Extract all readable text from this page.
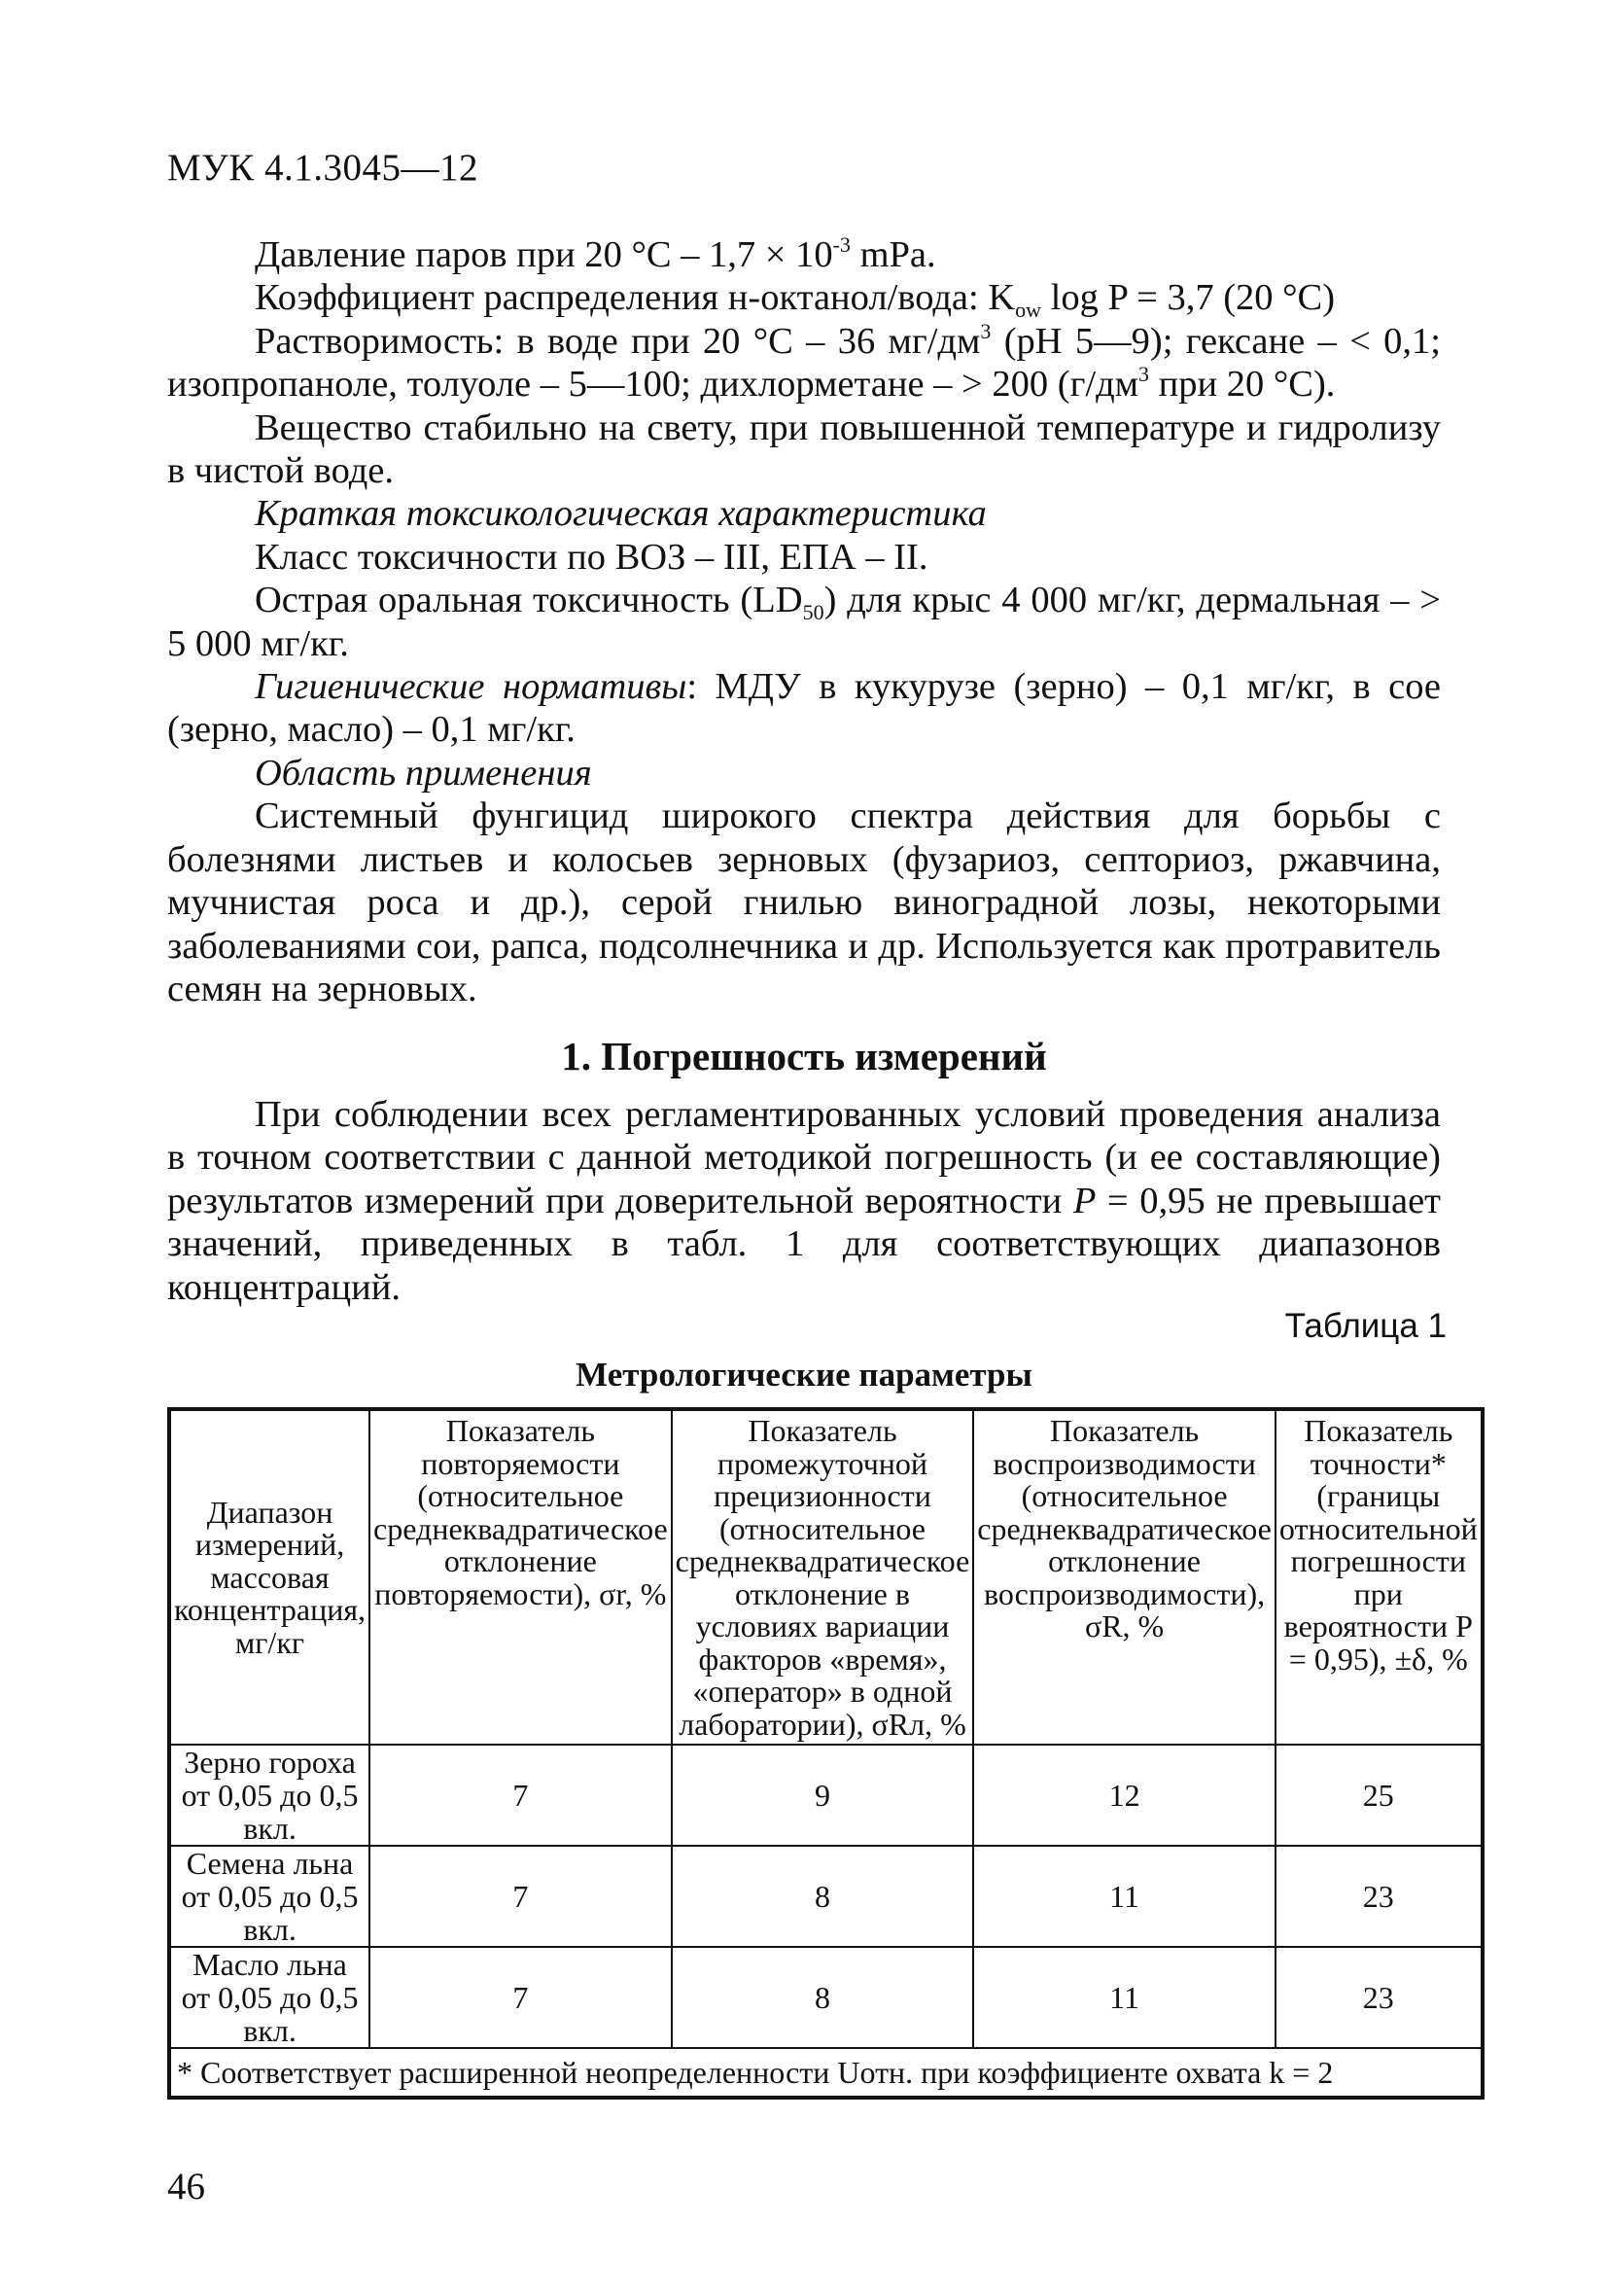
МУК 4.1.3045—12

Давление паров при 20 $^\circ С - 1,7 \times 10^{-3}$ mPa.

Коэффициент распределения н-октанол/вода: $K_{ow}$ log P = 3,7 (20 °С)

Растворимость: в воде при 20 °С – 36 $мг/дм^3$ (pH 5—9); гексане – < 0,1; изопропаноле, толуоле – 5—100; дихлорметане – > 200 ($г/дм^3$ при 20 °С).

Вещество стабильно на свету, при повышенной температуре и гидролизу в чистой воде.

Краткая токсикологическая характеристика

Класс токсичности по ВОЗ – III, ЕПА – II.

Острая оральная токсичность $(LD_{50})$ для крыс 4 000 мг/кг, дермальная – > 5 000 мг/кг.

Гигиенические нормативы: МДУ в кукурузе (зерно) – 0,1 мг/кг, в сое (зерно, масло) – 0,1 мг/кг.

Область применения

Системный фунгицид широкого спектра действия для борьбы с болезнями листьев и колосьев зерновых (фузариоз, септориоз, ржавчина, мучнистая роса и др.), серой гнилью виноградной лозы, некоторыми заболеваниями сои, рапса, подсолнечника и др. Используется как протравитель семян на зерновых.

1. Погрешность измерений

При соблюдении всех регламентированных условий проведения анализа в точном соответствии с данной методикой погрешность (и ее составляющие) результатов измерений при доверительной вероятности P = 0,95 не превышает значений, приведенных в табл. 1 для соответствующих диапазонов концентраций.

Таблица 1
Метрологические параметры
Диапазон измерений, массовая концентрация, мг/кг	Показатель повторяемости (относительное среднеквадратическое отклонение повторяемости), σr, %	Показатель промежуточной прецизионности (относительное среднеквадратическое отклонение в условиях вариации факторов «время», «оператор» в одной лаборатории), σRл, %	Показатель воспроизводимости (относительное среднеквадратическое отклонение воспроизводимости), σR, %	Показатель точности* (границы относительной погрешности при вероятности P = 0,95), ±δ, %
Зерно гороха
от 0,05 до 0,5 вкл.	7	9	12	25
Семена льна
от 0,05 до 0,5 вкл.	7	8	11	23
Масло льна
от 0,05 до 0,5 вкл.	7	8	11	23
* Соответствует расширенной неопределенности Uотн. при коэффициенте охвата k = 2				
46
